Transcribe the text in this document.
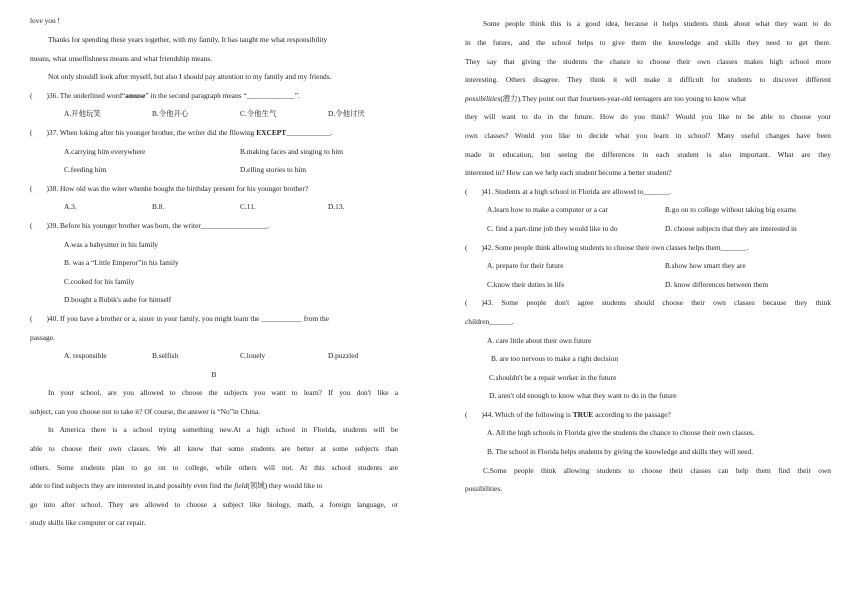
love you !
Thanks for spending these years together, with my family. It has taught me what responsibility
means, what unselfishness means and what friendship means.
Not only shouldI look after myself, but also I should pay attention to my family and my friends.
( )36. The underlined word“amuse” in the second paragraph means “_____________”.
A.开他玩笑	B.令他开心	C.令他生气	D.令他讨厌
( )37. When loking after his younger brother, the writer did the fllowing EXCEPT____________.
A.carrying him everywhere	B.making faces and singing to him
C.feeding him	D.elling stories to him
( )38. How old was the witer whenhe bought the birthday present for his younger brother?
A.3.	B.8.	C.11.	D.13.
( )39. Before his younger brother was born, the writer__________________.
A.was a babysitter in his family
B. was a “Little Emperor”in his family
C.cooked for his family
D.bought a Rubik's aube for himself
( )40. If you have a brother or a, sister in your family, you might learn the ___________ from the
passage.
A. responsible	B.selfish	C.lonely	D.puzzled
B
In your school, are you allowed to choose the subjects you want to learn? If you don't like a
subject, can you choose not to take it? Of course, the answer is “No”in China.
ln America there is a school trying something new.At a high school in Florida, students will be
able to choose their own classes. We all know that some students are better at some subjects than
others. Some students plan to go on to college, while others will not. At this school students are
able to find subjects they are interested in,and possibly even find the field(领域) they would like to
go into after school. They are allowed to choose a subject like biology, math, a foreign language, or
study skills like computer or car repair.
Some people think this is a good idea, because it helps students think about what they want to do
in the future, and the school helps to give them the knowledge and skills they need to get there.
They say that giving the students the chance to choose their own classes makes high school more
interesting. Others disagree. They think it will make it difficult for students to discover different
possibilities(潜力).They point out that fourteen-year-old teenagers are too young to know what
they will want to do in the future. How do you think? Would you like to be able to choose your
own classes? Would you like to decide what you learn in school? Many useful changes have been
made in education, but seeing the differences in each student is also important. What are they
interested in? How can we help each student become a better student?
( )41. Students at a high school in Florida are allowed to_______.
A.learn how to make a computer or a car	B.go on to college without taking big exams
C. find a part-time job they would like to do	D. choose subjects that they are interested in
( )42. Some people think allowing students to choose their own classes helps them_______.
A. prepare for their future	B.show how smart they are
C.know their duties in life	D. know differences between them
( )43. Some people don't agree students should choose their own classes because they think
children______.
A. care little about their own future
B. are too nervous to make a right decision
C.shouldn't be a repair worker in the future
D. aren't old enough to know what they want to do in the future
( )44. Which of the following is TRUE according to the passage?
A. All the high schools in Florida give the students the chance to choose their own classes.
B. The school in Florida helps students by giving the knowledge and skills they will need.
C.Some people think allowing students to choose their classes can help them find their own
possibilities.
